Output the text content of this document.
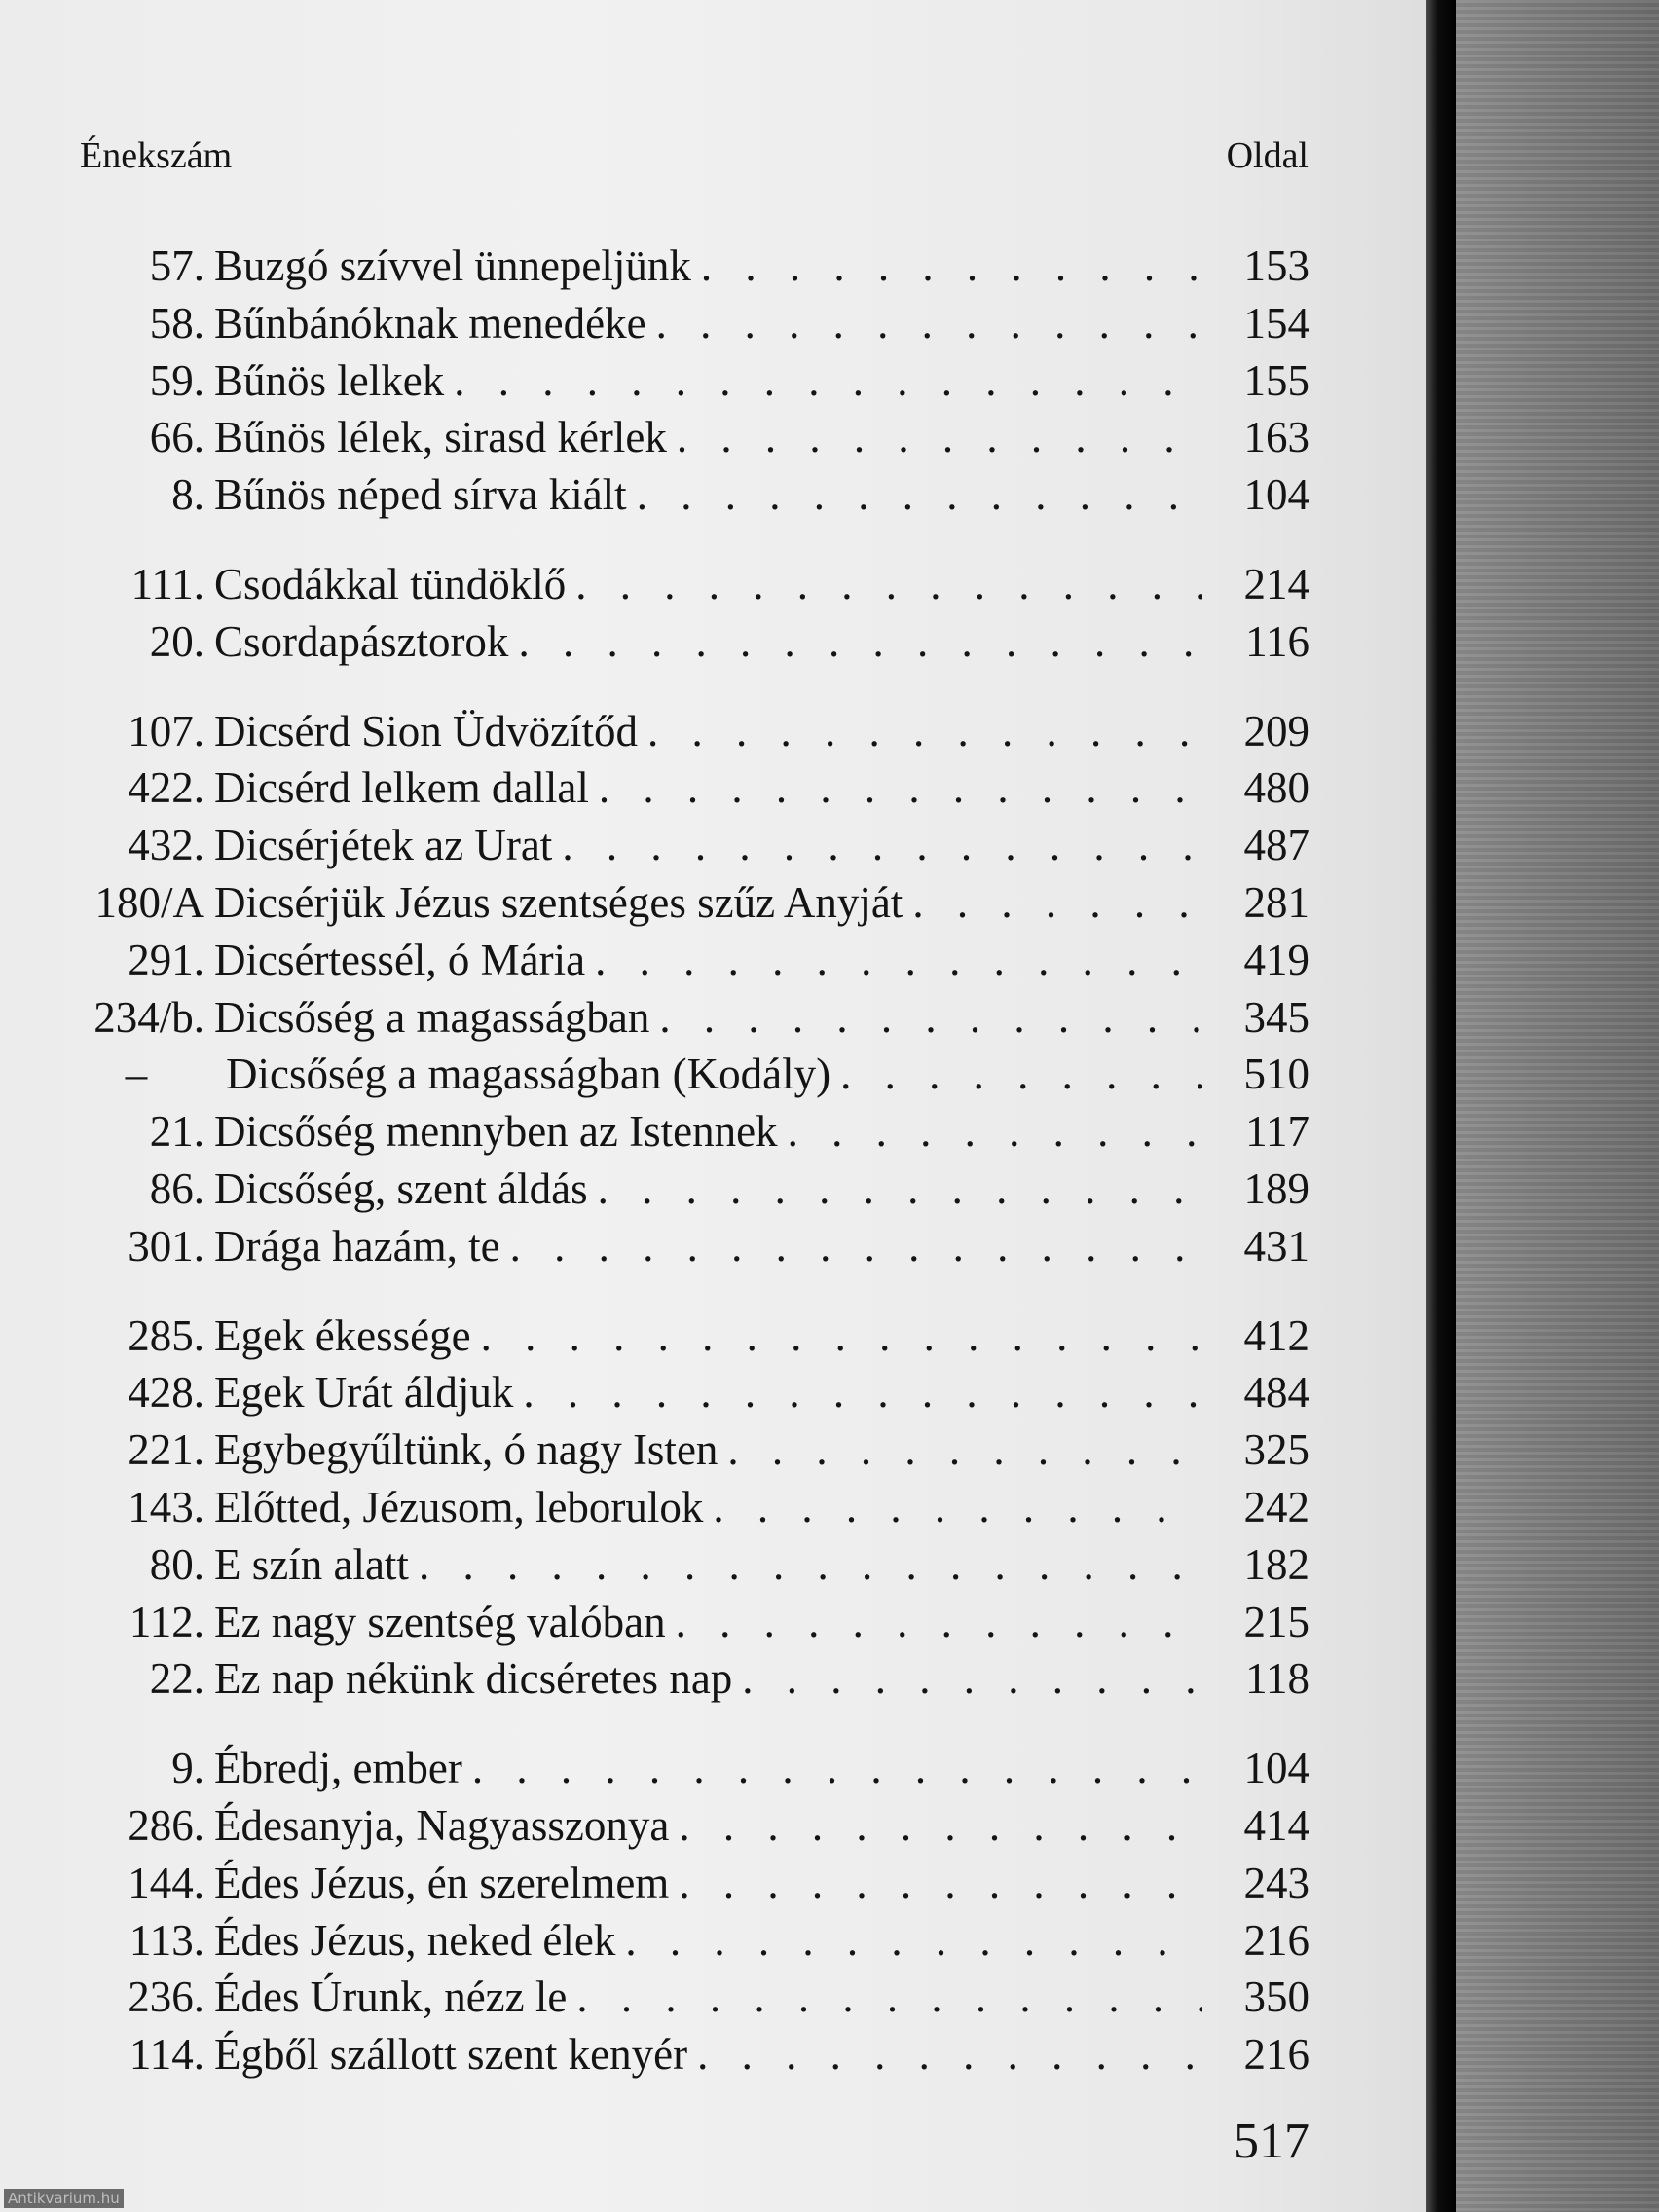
Énekszám	Oldal
57. Buzgó szívvel ünnepeljünk . . .	153
58. Bűnbánóknak menedéke . . .	154
59. Bűnös lelkek . . .	155
66. Bűnös lélek, sirasd kérlek . . .	163
8. Bűnös néped sírva kiált . . .	104
111. Csodákkal tündöklő . . .	214
20. Csordapásztorok . . .	116
107. Dicsérd Sion Üdvözítőd . . .	209
422. Dicsérd lelkem dallal . . .	480
432. Dicsérjétek az Urat . . .	487
180/A Dicsérjük Jézus szentséges szűz Anyját . . .	281
291. Dicsértessél, ó Mária . . .	419
234/b. Dicsőség a magasságban . . .	345
–	Dicsőség a magasságban (Kodály) . . .	510
21. Dicsőség mennyben az Istennek . . .	117
86. Dicsőség, szent áldás . . .	189
301. Drága hazám, te . . .	431
285. Egek ékessége . . .	412
428. Egek Urát áldjuk . . .	484
221. Egybegyűltünk, ó nagy Isten . . .	325
143. Előtted, Jézusom, leborulok . . .	242
80. E szín alatt . . .	182
112. Ez nagy szentség valóban . . .	215
22. Ez nap nékünk dicséretes nap . . .	118
9. Ébredj, ember . . .	104
286. Édesanyja, Nagyasszonya . . .	414
144. Édes Jézus, én szerelmem . . .	243
113. Édes Jézus, neked élek . . .	216
236. Édes Úrunk, nézz le . . .	350
114. Égből szállott szent kenyér . . .	216
517
Antikvarium.hu
